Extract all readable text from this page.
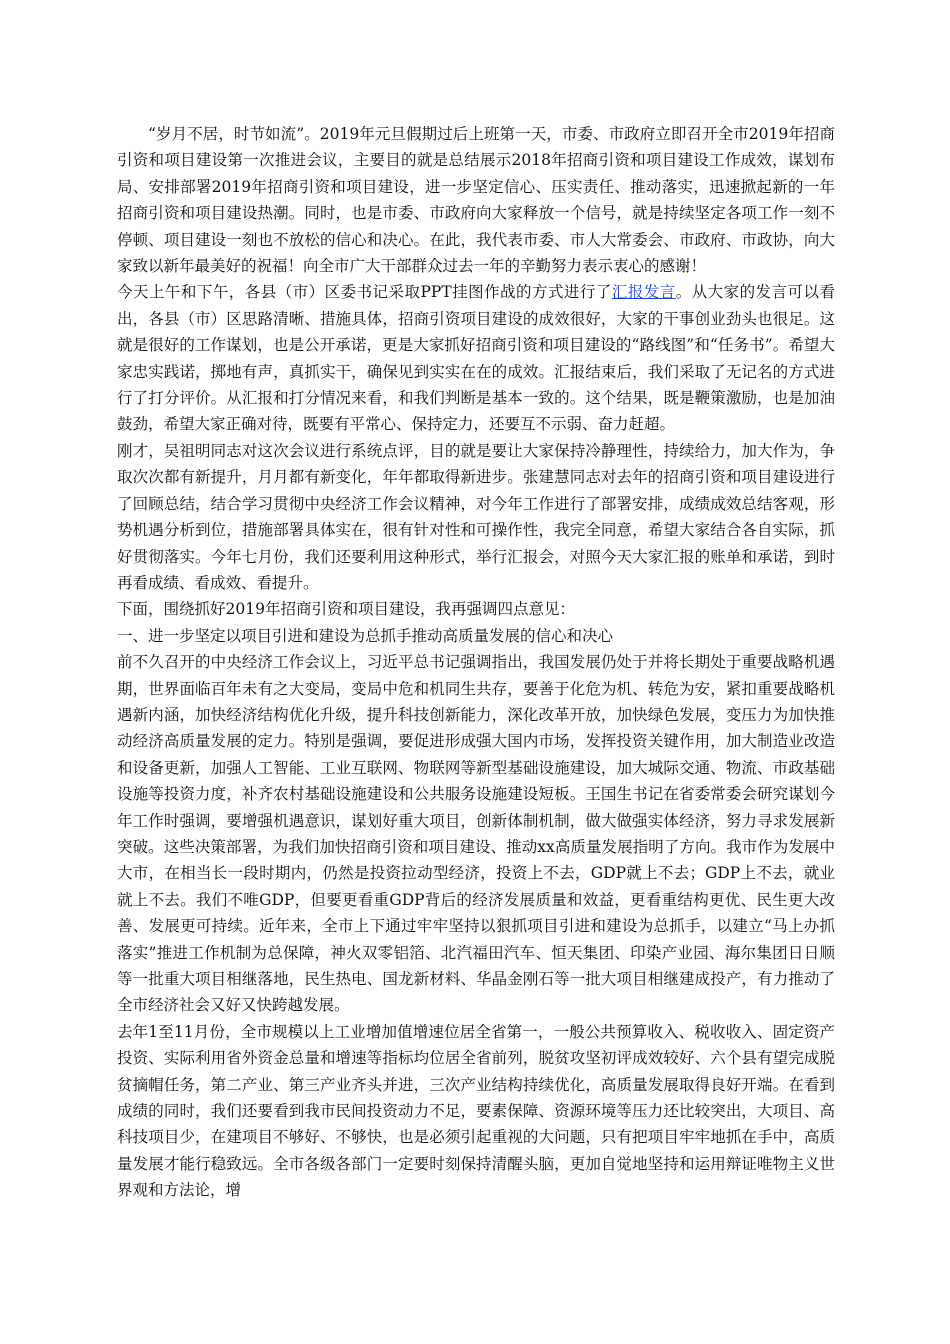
“岁月不居，时节如流”。2019年元旦假期过后上班第一天，市委、市政府立即召开全市2019年招商引资和项目建设第一次推进会议，主要目的就是总结展示2018年招商引资和项目建设工作成效，谋划布局、安排部署2019年招商引资和项目建设，进一步坚定信心、压实责任、推动落实，迅速掀起新的一年招商引资和项目建设热潮。同时，也是市委、市政府向大家释放一个信号，就是持续坚定各项工作一刻不停顿、项目建设一刻也不放松的信心和决心。在此，我代表市委、市人大常委会、市政府、市政协，向大家致以新年最美好的祝福！向全市广大干部群众过去一年的辛勤努力表示衷心的感谢！

今天上午和下午，各县（市）区委书记采取PPT挂图作战的方式进行了汇报发言。从大家的发言可以看出，各县（市）区思路清晰、措施具体，招商引资项目建设的成效很好，大家的干事创业劲头也很足。这就是很好的工作谋划，也是公开承诺，更是大家抓好招商引资和项目建设的“路线图”和“任务书”。希望大家忠实践诺，掷地有声，真抓实干，确保见到实实在在的成效。汇报结束后，我们采取了无记名的方式进行了打分评价。从汇报和打分情况来看，和我们判断是基本一致的。这个结果，既是鞭策激励，也是加油鼓劲，希望大家正确对待，既要有平常心、保持定力，还要互不示弱、奋力赶超。

刚才，吴祖明同志对这次会议进行系统点评，目的就是要让大家保持冷静理性，持续给力，加大作为，争取次次都有新提升，月月都有新变化，年年都取得新进步。张建慧同志对去年的招商引资和项目建设进行了回顾总结，结合学习贯彻中央经济工作会议精神，对今年工作进行了部署安排，成绩成效总结客观，形势机遇分析到位，措施部署具体实在，很有针对性和可操作性，我完全同意，希望大家结合各自实际，抓好贯彻落实。今年七月份，我们还要利用这种形式，举行汇报会，对照今天大家汇报的账单和承诺，到时再看成绩、看成效、看提升。

下面，围绕抓好2019年招商引资和项目建设，我再强调四点意见：

一、进一步坚定以项目引进和建设为总抓手推动高质量发展的信心和决心

前不久召开的中央经济工作会议上，习近平总书记强调指出，我国发展仍处于并将长期处于重要战略机遇期，世界面临百年未有之大变局，变局中危和机同生共存，要善于化危为机、转危为安，紧扣重要战略机遇新内涵，加快经济结构优化升级，提升科技创新能力，深化改革开放，加快绿色发展，变压力为加快推动经济高质量发展的定力。特别是强调，要促进形成强大国内市场，发挥投资关键作用，加大制造业改造和设备更新，加强人工智能、工业互联网、物联网等新型基础设施建设，加大城际交通、物流、市政基础设施等投资力度，补齐农村基础设施建设和公共服务设施建设短板。王国生书记在省委常委会研究谋划今年工作时强调，要增强机遇意识，谋划好重大项目，创新体制机制，做大做强实体经济，努力寻求发展新突破。这些决策部署，为我们加快招商引资和项目建设、推动xx高质量发展指明了方向。我市作为发展中大市，在相当长一段时期内，仍然是投资拉动型经济，投资上不去，GDP就上不去；GDP上不去，就业就上不去。我们不唯GDP，但要更看重GDP背后的经济发展质量和效益，更看重结构更优、民生更大改善、发展更可持续。近年来，全市上下通过牢牢坚持以狠抓项目引进和建设为总抓手，以建立“马上办抓落实”推进工作机制为总保障，神火双零铝箔、北汽福田汽车、恒天集团、印染产业园、海尔集团日日顺等一批重大项目相继落地，民生热电、国龙新材料、华晶金刚石等一批大项目相继建成投产，有力推动了全市经济社会又好又快跨越发展。

去年1至11月份，全市规模以上工业增加值增速位居全省第一，一般公共预算收入、税收收入、固定资产投资、实际利用省外资金总量和增速等指标均位居全省前列，脱贫攻坚初评成效较好、六个县有望完成脱贫摘帽任务，第二产业、第三产业齐头并进，三次产业结构持续优化，高质量发展取得良好开端。在看到成绩的同时，我们还要看到我市民间投资动力不足，要素保障、资源环境等压力还比较突出，大项目、高科技项目少，在建项目不够好、不够快，也是必须引起重视的大问题，只有把项目牢牢地抓在手中，高质量发展才能行稳致远。全市各级各部门一定要时刻保持清醒头脑，更加自觉地坚持和运用辩证唯物主义世界观和方法论，增
